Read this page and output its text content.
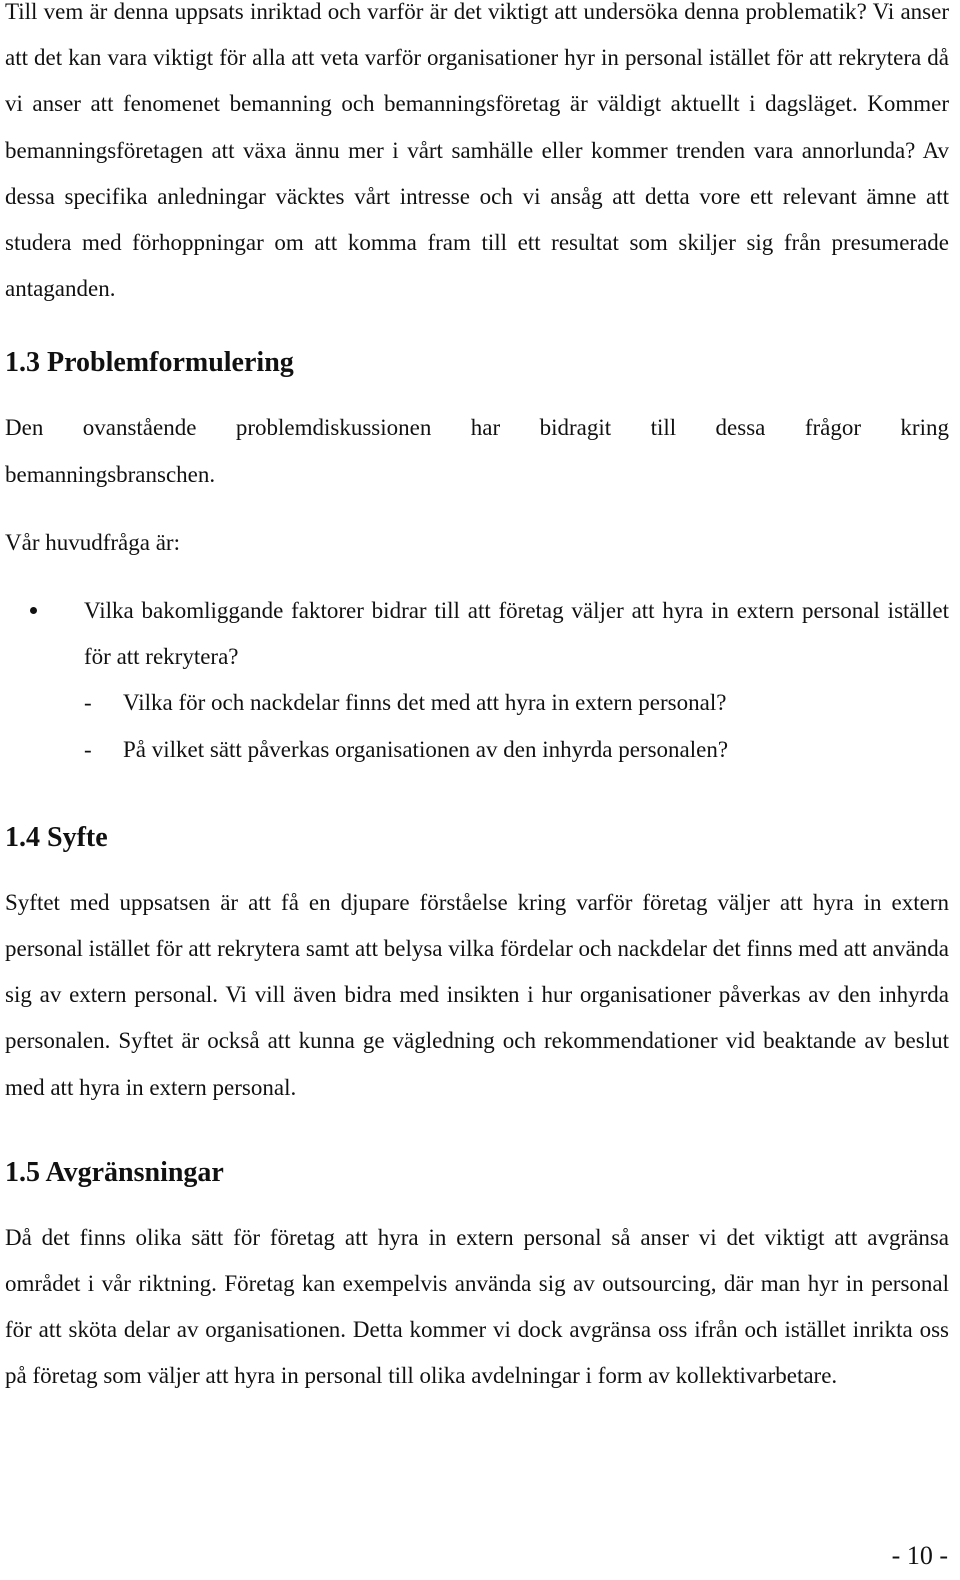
Till vem är denna uppsats inriktad och varför är det viktigt att undersöka denna problematik? Vi anser att det kan vara viktigt för alla att veta varför organisationer hyr in personal istället för att rekrytera då vi anser att fenomenet bemanning och bemanningsföretag är väldigt aktuellt i dagsläget. Kommer bemanningsföretagen att växa ännu mer i vårt samhälle eller kommer trenden vara annorlunda? Av dessa specifika anledningar väcktes vårt intresse och vi ansåg att detta vore ett relevant ämne att studera med förhoppningar om att komma fram till ett resultat som skiljer sig från presumerade antaganden.

1.3 Problemformulering

Den ovanstående problemdiskussionen har bidragit till dessa frågor kring
bemanningsbranschen.

Vår huvudfråga är:

Vilka bakomliggande faktorer bidrar till att företag väljer att hyra in extern personal istället för att rekrytera?
- Vilka för och nackdelar finns det med att hyra in extern personal?
- På vilket sätt påverkas organisationen av den inhyrda personalen?
1.4 Syfte

Syftet med uppsatsen är att få en djupare förståelse kring varför företag väljer att hyra in extern personal istället för att rekrytera samt att belysa vilka fördelar och nackdelar det finns med att använda sig av extern personal. Vi vill även bidra med insikten i hur organisationer påverkas av den inhyrda personalen. Syftet är också att kunna ge vägledning och rekommendationer vid beaktande av beslut med att hyra in extern personal.

1.5 Avgränsningar

Då det finns olika sätt för företag att hyra in extern personal så anser vi det viktigt att avgränsa området i vår riktning. Företag kan exempelvis använda sig av outsourcing, där man hyr in personal för att sköta delar av organisationen. Detta kommer vi dock avgränsa oss ifrån och istället inrikta oss på företag som väljer att hyra in personal till olika avdelningar i form av kollektivarbetare.

- 10 -
